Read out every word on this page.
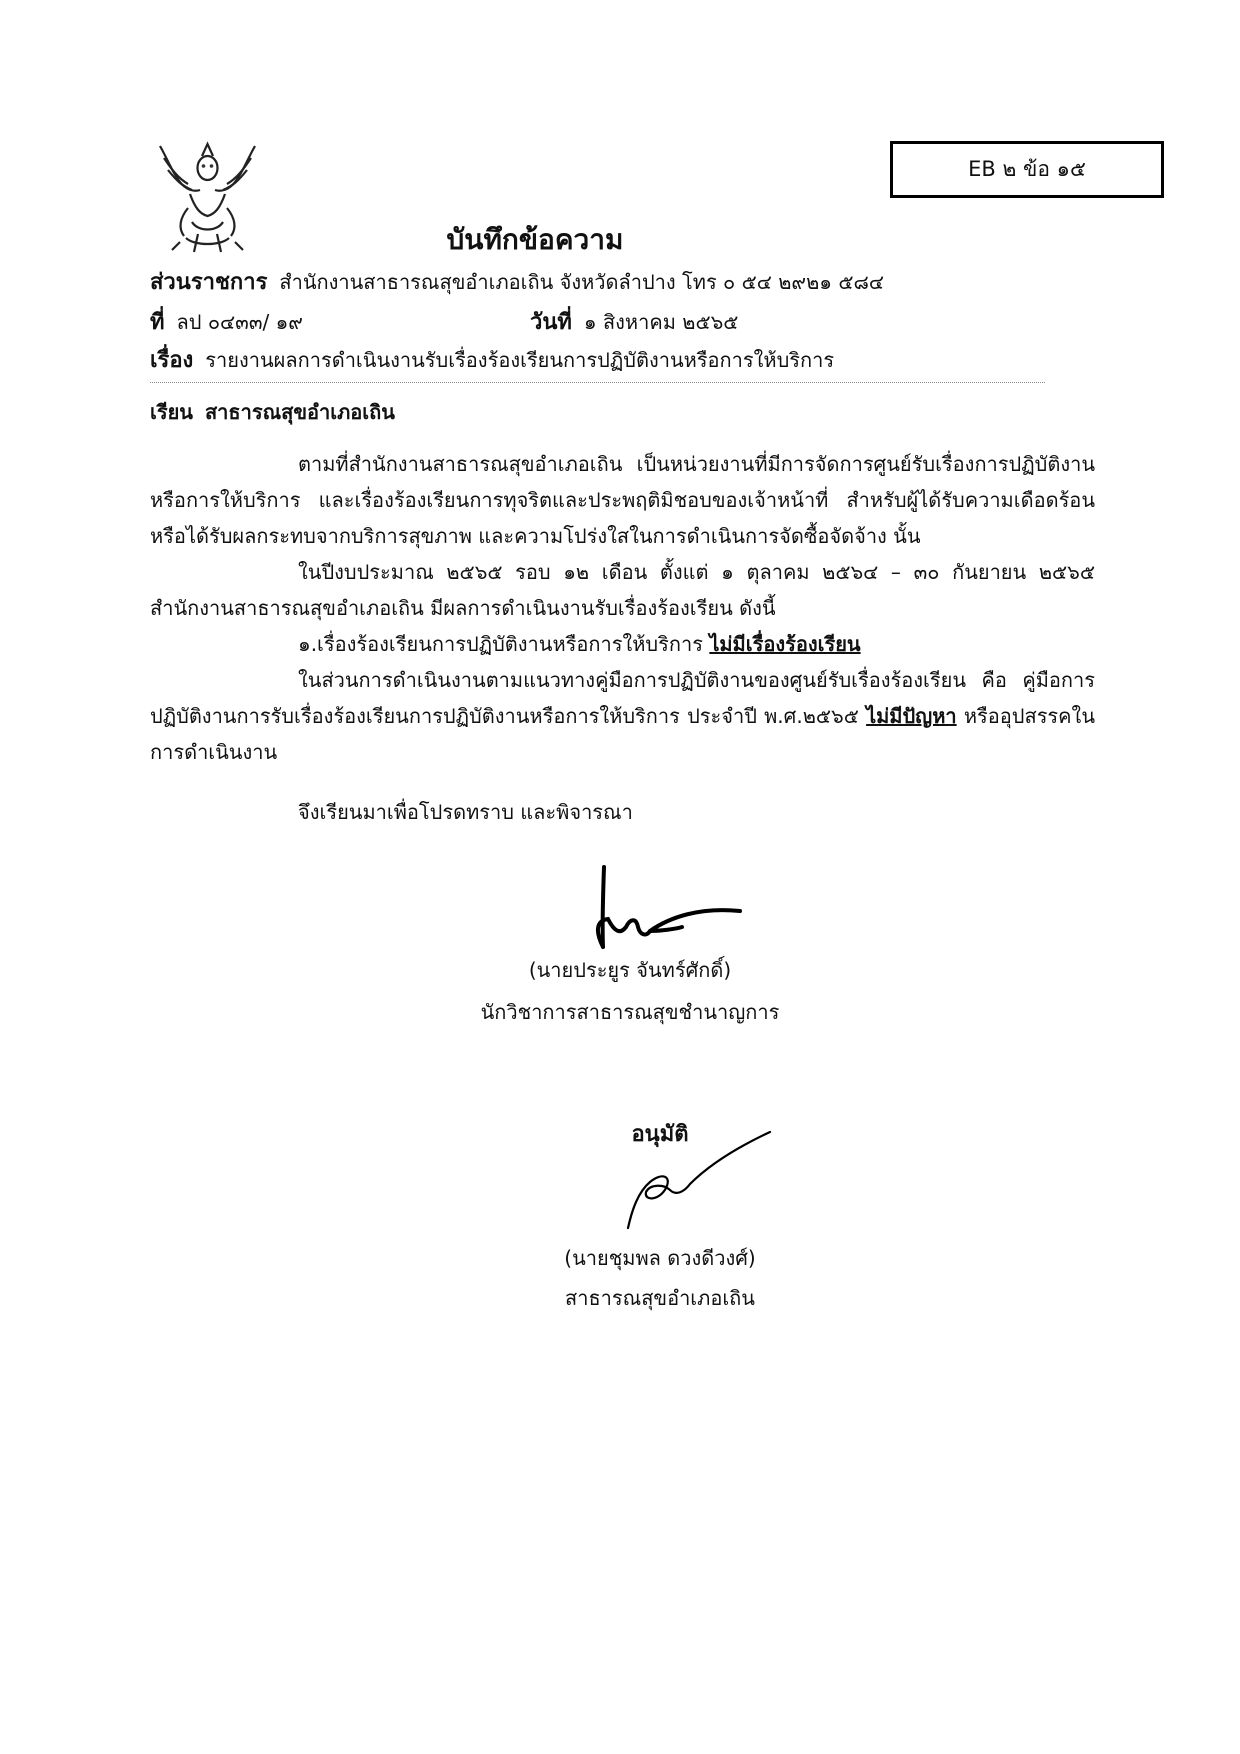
EB ๒ ข้อ ๑๕
บันทึกข้อความ
ส่วนราชการ สำนักงานสาธารณสุขอำเภอเถิน จังหวัดลำปาง โทร ๐ ๕๔ ๒๙๒๑ ๕๘๔
ที่ ลป ๐๔๓๓/ ๑๙	วันที่ ๑ สิงหาคม ๒๕๖๕
เรื่อง รายงานผลการดำเนินงานรับเรื่องร้องเรียนการปฏิบัติงานหรือการให้บริการ
เรียน สาธารณสุขอำเภอเถิน
ตามที่สำนักงานสาธารณสุขอำเภอเถิน เป็นหน่วยงานที่มีการจัดการศูนย์รับเรื่องการปฏิบัติงานหรือการให้บริการ และเรื่องร้องเรียนการทุจริตและประพฤติมิชอบของเจ้าหน้าที่ สำหรับผู้ได้รับความเดือดร้อนหรือได้รับผลกระทบจากบริการสุขภาพ และความโปร่งใสในการดำเนินการจัดซื้อจัดจ้าง นั้น
ในปีงบประมาณ ๒๕๖๕ รอบ ๑๒ เดือน ตั้งแต่ ๑ ตุลาคม ๒๕๖๔ – ๓๐ กันยายน ๒๕๖๕ สำนักงานสาธารณสุขอำเภอเถิน มีผลการดำเนินงานรับเรื่องร้องเรียน ดังนี้
๑.เรื่องร้องเรียนการปฏิบัติงานหรือการให้บริการ ไม่มีเรื่องร้องเรียน
ในส่วนการดำเนินงานตามแนวทางคู่มือการปฏิบัติงานของศูนย์รับเรื่องร้องเรียน คือ คู่มือการปฏิบัติงานการรับเรื่องร้องเรียนการปฏิบัติงานหรือการให้บริการ ประจำปี พ.ศ.๒๕๖๕ ไม่มีปัญหา หรืออุปสรรคในการดำเนินงาน
จึงเรียนมาเพื่อโปรดทราบ และพิจารณา
(นายประยูร จันทร์ศักดิ์)
นักวิชาการสาธารณสุขชำนาญการ
อนุมัติ
(นายชุมพล ดวงดีวงศ์)
สาธารณสุขอำเภอเถิน
